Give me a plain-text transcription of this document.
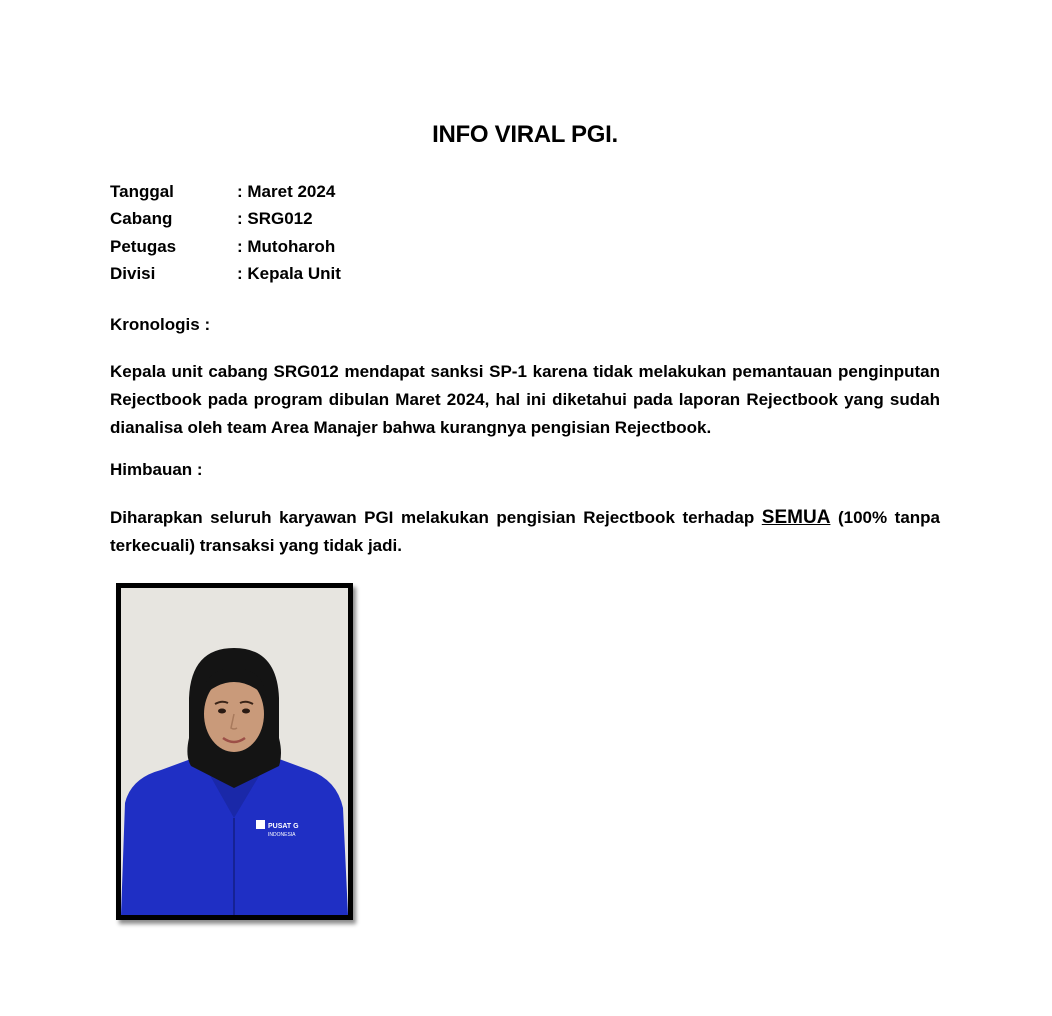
INFO VIRAL PGI.
Tanggal	: Maret 2024
Cabang	: SRG012
Petugas	: Mutoharoh
Divisi	: Kepala Unit
Kronologis :
Kepala unit cabang SRG012 mendapat sanksi SP-1 karena tidak melakukan pemantauan penginputan Rejectbook pada program dibulan Maret 2024, hal ini diketahui pada laporan Rejectbook yang sudah dianalisa oleh team Area Manajer bahwa kurangnya pengisian Rejectbook.
Himbauan :
Diharapkan seluruh karyawan PGI melakukan pengisian Rejectbook terhadap SEMUA (100% tanpa terkecuali) transaksi yang tidak jadi.
PUSAT G
INDONESIA
